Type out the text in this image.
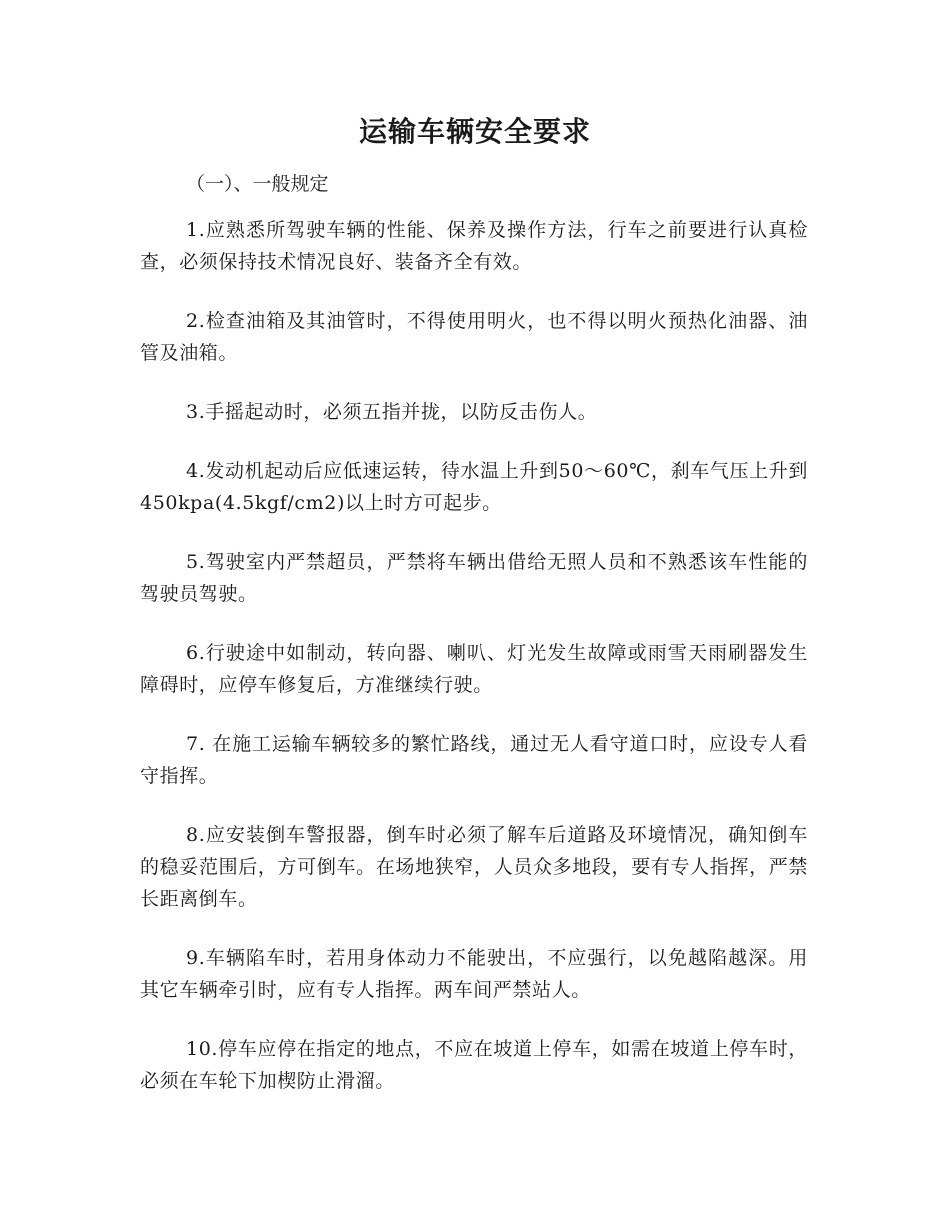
运输车辆安全要求

（一）、一般规定

1.应熟悉所驾驶车辆的性能、保养及操作方法，行车之前要进行认真检查，必须保持技术情况良好、装备齐全有效。

2.检查油箱及其油管时，不得使用明火，也不得以明火预热化油器、油管及油箱。

3.手摇起动时，必须五指并拢，以防反击伤人。

4.发动机起动后应低速运转，待水温上升到50～60℃，刹车气压上升到450kpa(4.5kgf/cm2)以上时方可起步。

5.驾驶室内严禁超员，严禁将车辆出借给无照人员和不熟悉该车性能的驾驶员驾驶。

6.行驶途中如制动，转向器、喇叭、灯光发生故障或雨雪天雨刷器发生障碍时，应停车修复后，方准继续行驶。

7. 在施工运输车辆较多的繁忙路线，通过无人看守道口时，应设专人看守指挥。

8.应安装倒车警报器，倒车时必须了解车后道路及环境情况，确知倒车的稳妥范围后，方可倒车。在场地狭窄，人员众多地段，要有专人指挥，严禁长距离倒车。

9.车辆陷车时，若用身体动力不能驶出，不应强行，以免越陷越深。用其它车辆牵引时，应有专人指挥。两车间严禁站人。

10.停车应停在指定的地点，不应在坡道上停车，如需在坡道上停车时，必须在车轮下加楔防止滑溜。
